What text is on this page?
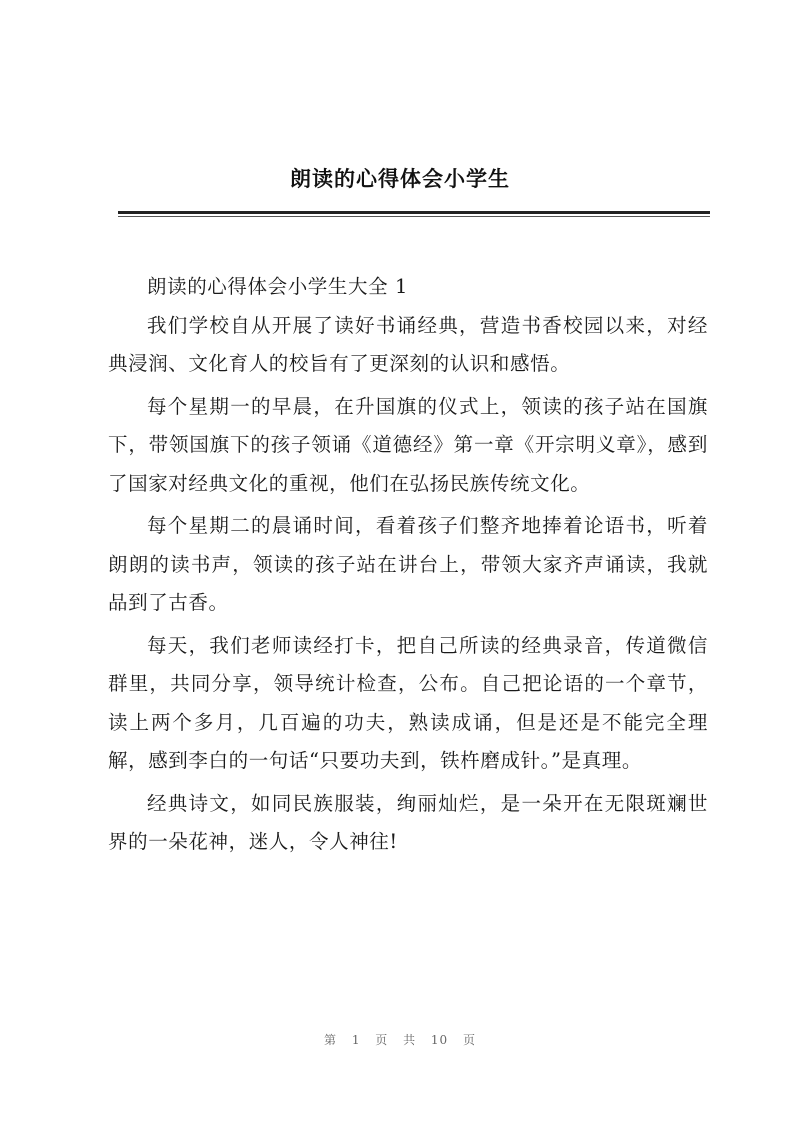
朗读的心得体会小学生

朗读的心得体会小学生大全 1

我们学校自从开展了读好书诵经典，营造书香校园以来，对经典浸润、文化育人的校旨有了更深刻的认识和感悟。

每个星期一的早晨，在升国旗的仪式上，领读的孩子站在国旗下，带领国旗下的孩子领诵《道德经》第一章《开宗明义章》，感到了国家对经典文化的重视，他们在弘扬民族传统文化。

每个星期二的晨诵时间，看着孩子们整齐地捧着论语书，听着朗朗的读书声，领读的孩子站在讲台上，带领大家齐声诵读，我就品到了古香。

每天，我们老师读经打卡，把自己所读的经典录音，传道微信群里，共同分享，领导统计检查，公布。自己把论语的一个章节，读上两个多月，几百遍的功夫，熟读成诵，但是还是不能完全理解，感到李白的一句话“只要功夫到，铁杵磨成针。”是真理。

经典诗文，如同民族服装，绚丽灿烂，是一朵开在无限斑斓世界的一朵花神，迷人，令人神往!

第 1 页 共 10 页
